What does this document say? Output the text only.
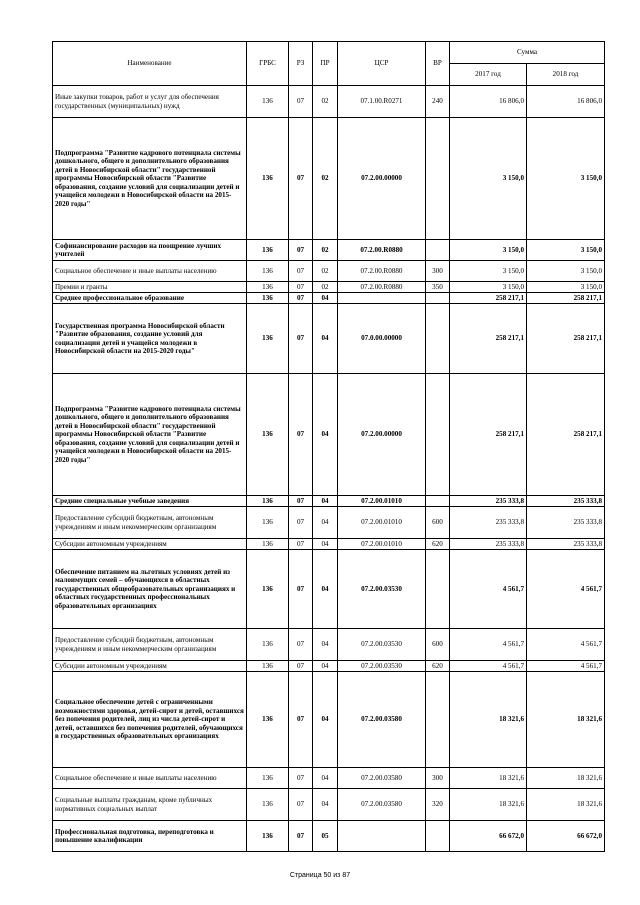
Наименование	ГРБС	РЗ	ПР	ЦСР	ВР	Сумма	
						2017 год	2018 год
Иные закупки товаров, работ и услуг для обеспечения государственных (муниципальных) нужд	136	07	02	07.1.00.R0271	240	16 806,0	16 806,0
Подпрограмма "Развитие кадрового потенциала системы дошкольного, общего и дополнительного образования детей в Новосибирской области" государственной программы Новосибирской области "Развитие образования, создание условий для социализации детей и учащейся молодежи в Новосибирской области на 2015-2020 годы"	136	07	02	07.2.00.00000		3 150,0	3 150,0
Софинансирование расходов на поощрение лучших учителей	136	07	02	07.2.00.R0880		3 150,0	3 150,0
Социальное обеспечение и иные выплаты населению	136	07	02	07.2.00.R0880	300	3 150,0	3 150,0
Премии и гранты	136	07	02	07.2.00.R0880	350	3 150,0	3 150,0
Среднее профессиональное образование	136	07	04			258 217,1	258 217,1
Государственная программа Новосибирской области "Развитие образования, создание условий для социализации детей и учащейся молодежи в Новосибирской области на 2015-2020 годы"	136	07	04	07.0.00.00000		258 217,1	258 217,1
Подпрограмма "Развитие кадрового потенциала системы дошкольного, общего и дополнительного образования детей в Новосибирской области" государственной программы Новосибирской области "Развитие образования, создание условий для социализации детей и учащейся молодежи в Новосибирской области на 2015-2020 годы"	136	07	04	07.2.00.00000		258 217,1	258 217,1
Средние специальные учебные заведения	136	07	04	07.2.00.01010		235 333,8	235 333,8
Предоставление субсидий бюджетным, автономным учреждениям и иным некоммерческим организациям	136	07	04	07.2.00.01010	600	235 333,8	235 333,8
Субсидии автономным учреждениям	136	07	04	07.2.00.01010	620	235 333,8	235 333,8
Обеспечение питанием на льготных условиях детей из малоимущих семей – обучающихся в областных государственных общеобразовательных организациях и областных государственных профессиональных образовательных организациях	136	07	04	07.2.00.03530		4 561,7	4 561,7
Предоставление субсидий бюджетным, автономным учреждениям и иным некоммерческим организациям	136	07	04	07.2.00.03530	600	4 561,7	4 561,7
Субсидии автономным учреждениям	136	07	04	07.2.00.03530	620	4 561,7	4 561,7
Социальное обеспечение детей с ограниченными возможностями здоровья, детей-сирот и детей, оставшихся без попечения родителей, лиц из числа детей-сирот и детей, оставшихся без попечения родителей, обучающихся в государственных образовательных организациях	136	07	04	07.2.00.03580		18 321,6	18 321,6
Социальное обеспечение и иные выплаты населению	136	07	04	07.2.00.03580	300	18 321,6	18 321,6
Социальные выплаты гражданам, кроме публичных нормативных социальных выплат	136	07	04	07.2.00.03580	320	18 321,6	18 321,6
Профессиональная подготовка, переподготовка и повышение квалификации	136	07	05			66 672,0	66 672,0
Страница 50 из 87
